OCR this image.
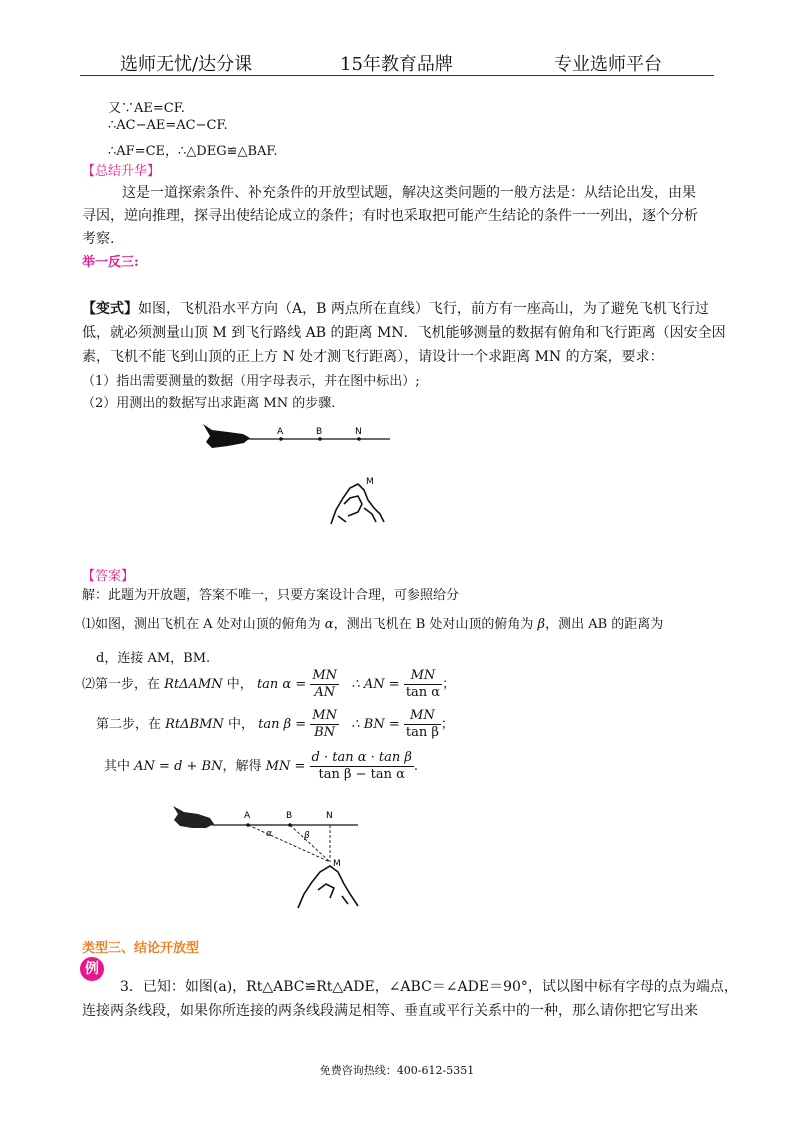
选师无忧/达分课	15年教育品牌	专业选师平台
又∵AE=CF.
∴AC−AE=AC−CF.
∴AF=CE，∴△DEG≌△BAF.
【总结升华】
这是一道探索条件、补充条件的开放型试题，解决这类问题的一般方法是：从结论出发，由果
寻因，逆向推理，探寻出使结论成立的条件；有时也采取把可能产生结论的条件一一列出，逐个分析
考察.
举一反三:
【变式】如图，飞机沿水平方向（A，B 两点所在直线）飞行，前方有一座高山，为了避免飞机飞行过
低，就必须测量山顶 M 到飞行路线 AB 的距离 MN．飞机能够测量的数据有俯角和飞行距离（因安全因
素，飞机不能飞到山顶的正上方 N 处才测飞行距离），请设计一个求距离 MN 的方案，要求：
（1）指出需要测量的数据（用字母表示，并在图中标出）;
（2）用测出的数据写出求距离 MN 的步骤.
A	B	N
M
【答案】
解：此题为开放题，答案不唯一，只要方案设计合理，可参照给分
⑴如图，测出飞机在 A 处对山顶的俯角为 α，测出飞机在 B 处对山顶的俯角为 β，测出 AB 的距离为
d，连接 AM，BM.
⑵第一步，在 RtΔAMN 中， $\tan \alpha = \frac{MN}{AN}$ ∴ AN = $\frac{MN}{\text{tan α}}$ ；
第二步，在 RtΔBMN 中， $\tan \beta = \frac{MN}{BN}$ ∴ BN = $\frac{MN}{\text{tan β}}$ ；
其中 AN = d + BN，解得 MN = $\frac{\text{d · tan α · tan β}}{\text{tan β − tan α}}$ .
A	B	N
α	β
M
类型三、结论开放型
例
3．已知：如图(a)，Rt△ABC≌Rt△ADE，∠ABC＝∠ADE＝90°，试以图中标有字母的点为端点，
连接两条线段，如果你所连接的两条线段满足相等、垂直或平行关系中的一种，那么请你把它写出来
免费咨询热线：400-612-5351
